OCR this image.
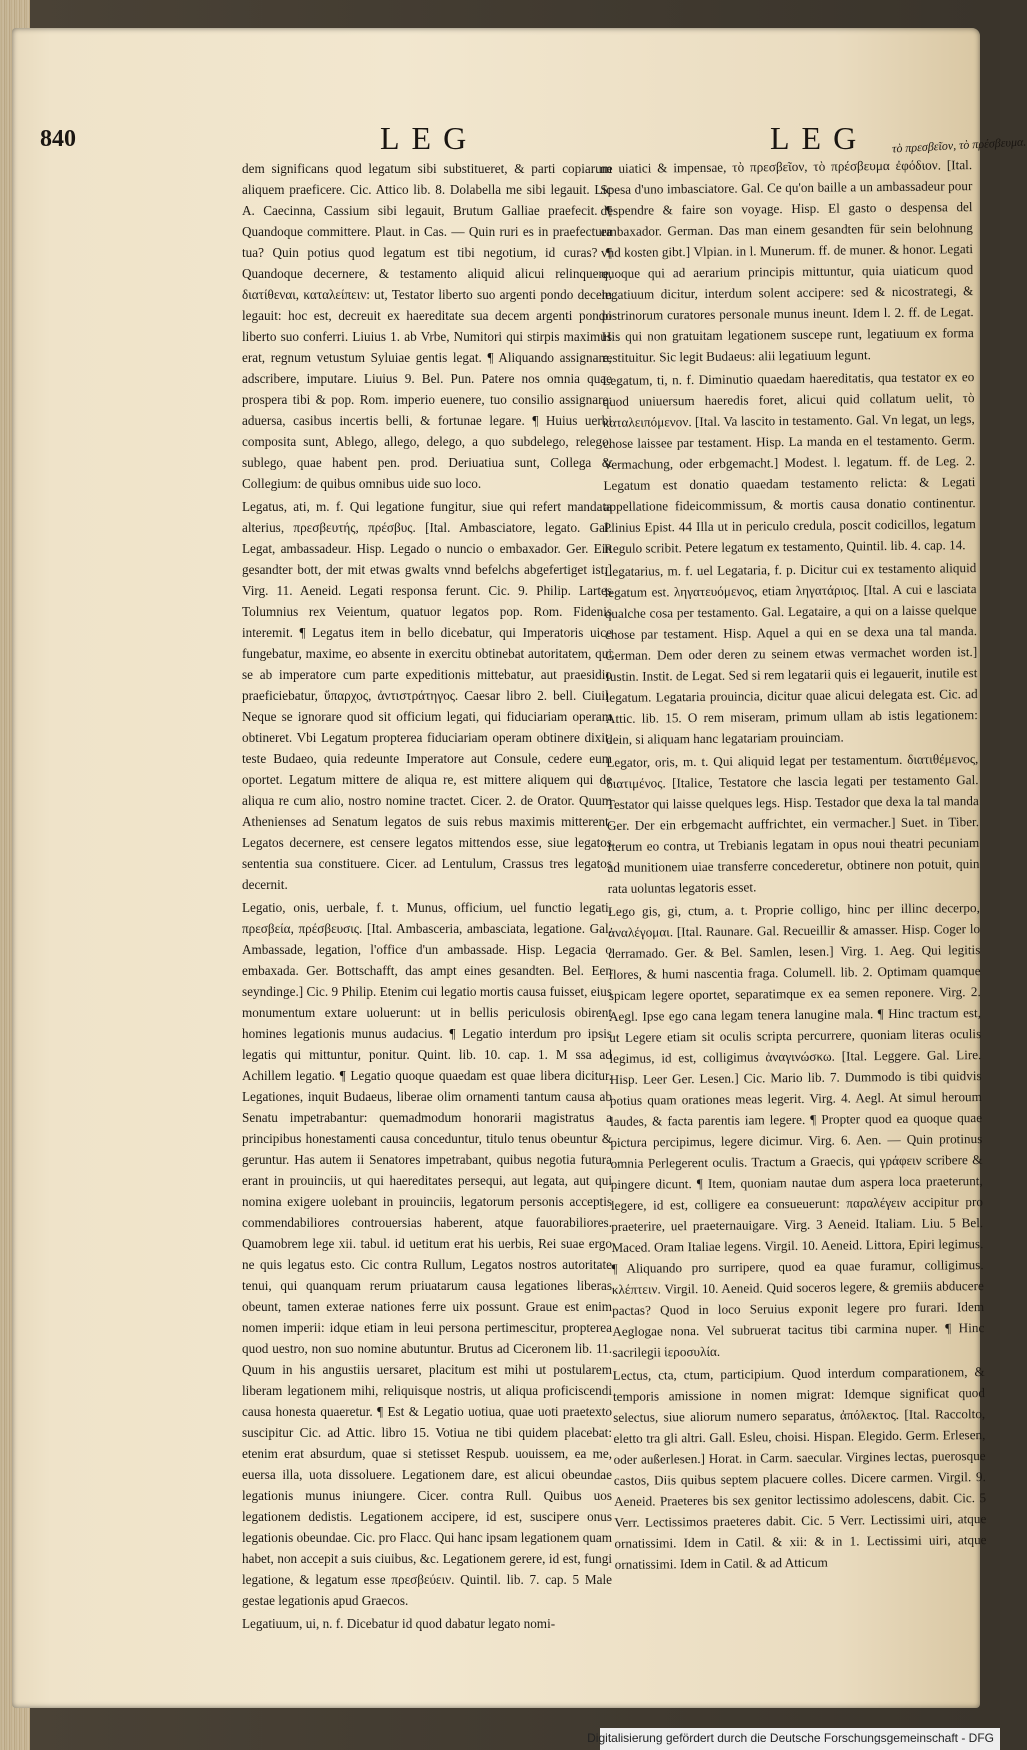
840	LEG	LEG τὸ πρεσβεῖον, τὸ πρέσβευμα.

dem significans quod legatum sibi substitueret, & parti copiarum aliquem praeficere. Cic. Attico lib. 8. Dolabella me sibi legauit. Lic A. Caecinna, Cassium sibi legauit, Brutum Galliae praefecit. ¶ Quandoque committere. Plaut. in Cas. — Quin ruri es in praefectura tua? Quin potius quod legatum est tibi negotium, id curas? ¶ Quandoque decernere, & testamento aliquid alicui relinquere, διατίθεναι, καταλείπειν: ut, Testator liberto suo argenti pondo decem legauit: hoc est, decreuit ex haereditate sua decem argenti pondo liberto suo conferri. Liuius 1. ab Vrbe, Numitori qui stirpis maximus erat, regnum vetustum Syluiae gentis legat. ¶ Aliquando assignare, adscribere, imputare. Liuius 9. Bel. Pun. Patere nos omnia quae prospera tibi & pop. Rom. imperio euenere, tuo consilio assignare: aduersa, casibus incertis belli, & fortunae legare. ¶ Huius uerbi composita sunt, Ablego, allego, delego, a quo subdelego, relego, sublego, quae habent pen. prod. Deriuatiua sunt, Collega & Collegium: de quibus omnibus uide suo loco.

Legatus, ati, m. f. Qui legatione fungitur, siue qui refert mandata alterius, πρεσβευτής, πρέσβυς. [Ital. Ambasciatore, legato. Gal. Legat, ambassadeur. Hisp. Legado o nuncio o embaxador. Ger. Ein gesandter bott, der mit etwas gwalts vnnd befelchs abgefertiget ist.] Virg. 11. Aeneid. Legati responsa ferunt. Cic. 9. Philip. Lartes Tolumnius rex Veientum, quatuor legatos pop. Rom. Fidenis interemit. ¶ Legatus item in bello dicebatur, qui Imperatoris uice fungebatur, maxime, eo absente in exercitu obtinebat autoritatem, qui se ab imperatore cum parte expeditionis mittebatur, aut praesidio praeficiebatur, ὕπαρχος, ἀντιστράτηγος. Caesar libro 2. bell. Ciuil. Neque se ignorare quod sit officium legati, qui fiduciariam operam obtineret. Vbi Legatum propterea fiduciariam operam obtinere dixit, teste Budaeo, quia redeunte Imperatore aut Consule, cedere eum oportet. Legatum mittere de aliqua re, est mittere aliquem qui de aliqua re cum alio, nostro nomine tractet. Cicer. 2. de Orator. Quum Athenienses ad Senatum legatos de suis rebus maximis mitterent. Legatos decernere, est censere legatos mittendos esse, siue legatos sententia sua constituere. Cicer. ad Lentulum, Crassus tres legatos decernit.

Legatio, onis, uerbale, f. t. Munus, officium, uel functio legati, πρεσβεία, πρέσβευσις. [Ital. Ambasceria, ambasciata, legatione. Gal. Ambassade, legation, l'office d'un ambassade. Hisp. Legacia o embaxada. Ger. Bottschafft, das ampt eines gesandten. Bel. Een seyndinge.] Cic. 9 Philip. Etenim cui legatio mortis causa fuisset, eius monumentum extare uoluerunt: ut in bellis periculosis obirent homines legationis munus audacius. ¶ Legatio interdum pro ipsis legatis qui mittuntur, ponitur. Quint. lib. 10. cap. 1. M ssa ad Achillem legatio. ¶ Legatio quoque quaedam est quae libera dicitur. Legationes, inquit Budaeus, liberae olim ornamenti tantum causa ab Senatu impetrabantur: quemadmodum honorarii magistratus a principibus honestamenti causa conceduntur, titulo tenus obeuntur & geruntur. Has autem ii Senatores impetrabant, quibus negotia futura erant in prouinciis, ut qui haereditates persequi, aut legata, aut qui nomina exigere uolebant in prouinciis, legatorum personis acceptis commendabiliores controuersias haberent, atque fauorabiliores. Quamobrem lege xii. tabul. id uetitum erat his uerbis, Rei suae ergo ne quis legatus esto. Cic contra Rullum, Legatos nostros autoritate tenui, qui quanquam rerum priuatarum causa legationes liberas obeunt, tamen exterae nationes ferre uix possunt. Graue est enim nomen imperii: idque etiam in leui persona pertimescitur, propterea quod uestro, non suo nomine abutuntur. Brutus ad Ciceronem lib. 11. Quum in his angustiis uersaret, placitum est mihi ut postularem liberam legationem mihi, reliquisque nostris, ut aliqua proficiscendi causa honesta quaeretur. ¶ Est & Legatio uotiua, quae uoti praetexto suscipitur Cic. ad Attic. libro 15. Votiua ne tibi quidem placebat: etenim erat absurdum, quae si stetisset Respub. uouissem, ea me, euersa illa, uota dissoluere. Legationem dare, est alicui obeundae legationis munus iniungere. Cicer. contra Rull. Quibus uos legationem dedistis. Legationem accipere, id est, suscipere onus legationis obeundae. Cic. pro Flacc. Qui hanc ipsam legationem quam habet, non accepit a suis ciuibus, &c. Legationem gerere, id est, fungi legatione, & legatum esse πρεσβεύειν. Quintil. lib. 7. cap. 5 Male gestae legationis apud Graecos.

Legatiuum, ui, n. f. Dicebatur id quod dabatur legato nomi-

ne uiatici & impensae, τὸ πρεσβεῖον, τὸ πρέσβευμα ἐφόδιον. [Ital. Spesa d'uno imbasciatore. Gal. Ce qu'on baille a un ambassadeur pour despendre & faire son voyage. Hisp. El gasto o despensa del embaxador. German. Das man einem gesandten für sein belohnung vnd kosten gibt.] Vlpian. in l. Munerum. ff. de muner. & honor. Legati quoque qui ad aerarium principis mittuntur, quia uiaticum quod legatiuum dicitur, interdum solent accipere: sed & nicostrategi, & pistrinorum curatores personale munus ineunt. Idem l. 2. ff. de Legat. His qui non gratuitam legationem suscepe runt, legatiuum ex forma restituitur. Sic legit Budaeus: alii legatiuum legunt.

Legatum, ti, n. f. Diminutio quaedam haereditatis, qua testator ex eo quod uniuersum haeredis foret, alicui quid collatum uelit, τὸ καταλειπόμενον. [Ital. Va lascito in testamento. Gal. Vn legat, un legs, chose laissee par testament. Hisp. La manda en el testamento. Germ. Vermachung, oder erbgemacht.] Modest. l. legatum. ff. de Leg. 2. Legatum est donatio quaedam testamento relicta: & Legati appellatione fideicommissum, & mortis causa donatio continentur. Plinius Epist. 44 Illa ut in periculo credula, poscit codicillos, legatum Regulo scribit. Petere legatum ex testamento, Quintil. lib. 4. cap. 14.

Legatarius, m. f. uel Legataria, f. p. Dicitur cui ex testamento aliquid legatum est. ληγατευόμενος, etiam ληγατάριος. [Ital. A cui e lasciata qualche cosa per testamento. Gal. Legataire, a qui on a laisse quelque chose par testament. Hisp. Aquel a qui en se dexa una tal manda. German. Dem oder deren zu seinem etwas vermachet worden ist.] Iustin. Instit. de Legat. Sed si rem legatarii quis ei legauerit, inutile est legatum. Legataria prouincia, dicitur quae alicui delegata est. Cic. ad Attic. lib. 15. O rem miseram, primum ullam ab istis legationem: dein, si aliquam hanc legatariam prouinciam.

Legator, oris, m. t. Qui aliquid legat per testamentum. διατιθέμενος, διατιμένος. [Italice, Testatore che lascia legati per testamento Gal. Testator qui laisse quelques legs. Hisp. Testador que dexa la tal manda Ger. Der ein erbgemacht auffrichtet, ein vermacher.] Suet. in Tiber. Iterum eo contra, ut Trebianis legatam in opus noui theatri pecuniam ad munitionem uiae transferre concederetur, obtinere non potuit, quin rata uoluntas legatoris esset.

Lego gis, gi, ctum, a. t. Proprie colligo, hinc per illinc decerpo, ἀναλέγομαι. [Ital. Raunare. Gal. Recueillir & amasser. Hisp. Coger lo derramado. Ger. & Bel. Samlen, lesen.] Virg. 1. Aeg. Qui legitis flores, & humi nascentia fraga. Columell. lib. 2. Optimam quamque spicam legere oportet, separatimque ex ea semen reponere. Virg. 2. Aegl. Ipse ego cana legam tenera lanugine mala. ¶ Hinc tractum est, ut Legere etiam sit oculis scripta percurrere, quoniam literas oculis legimus, id est, colligimus ἀναγινώσκω. [Ital. Leggere. Gal. Lire. Hisp. Leer Ger. Lesen.] Cic. Mario lib. 7. Dummodo is tibi quidvis potius quam orationes meas legerit. Virg. 4. Aegl. At simul heroum laudes, & facta parentis iam legere. ¶ Propter quod ea quoque quae pictura percipimus, legere dicimur. Virg. 6. Aen. — Quin protinus omnia Perlegerent oculis. Tractum a Graecis, qui γράφειν scribere & pingere dicunt. ¶ Item, quoniam nautae dum aspera loca praeterunt, legere, id est, colligere ea consueuerunt: παραλέγειν accipitur pro praeterire, uel praeternauigare. Virg. 3 Aeneid. Italiam. Liu. 5 Bel. Maced. Oram Italiae legens. Virgil. 10. Aeneid. Littora, Epiri legimus. ¶ Aliquando pro surripere, quod ea quae furamur, colligimus. κλέπτειν. Virgil. 10. Aeneid. Quid soceros legere, & gremiis abducere pactas? Quod in loco Seruius exponit legere pro furari. Idem Aeglogae nona. Vel subruerat tacitus tibi carmina nuper. ¶ Hinc sacrilegii ἱεροσυλία.

Lectus, cta, ctum, participium. Quod interdum comparationem, & temporis amissione in nomen migrat: Idemque significat quod selectus, siue aliorum numero separatus, ἀπόλεκτος. [Ital. Raccolto, eletto tra gli altri. Gall. Esleu, choisi. Hispan. Elegido. Germ. Erlesen, oder außerlesen.] Horat. in Carm. saecular. Virgines lectas, puerosque castos, Diis quibus septem placuere colles. Dicere carmen. Virgil. 9. Aeneid. Praeteres bis sex genitor lectissimo adolescens, dabit. Cic. 5 Verr. Lectissimos praeteres dabit. Cic. 5 Verr. Lectissimi uiri, atque ornatissimi. Idem in Catil. & xii: & in 1. Lectissimi uiri, atque ornatissimi. Idem in Catil. & ad Atticum

Digitalisierung gefördert durch die Deutsche Forschungsgemeinschaft - DFG
